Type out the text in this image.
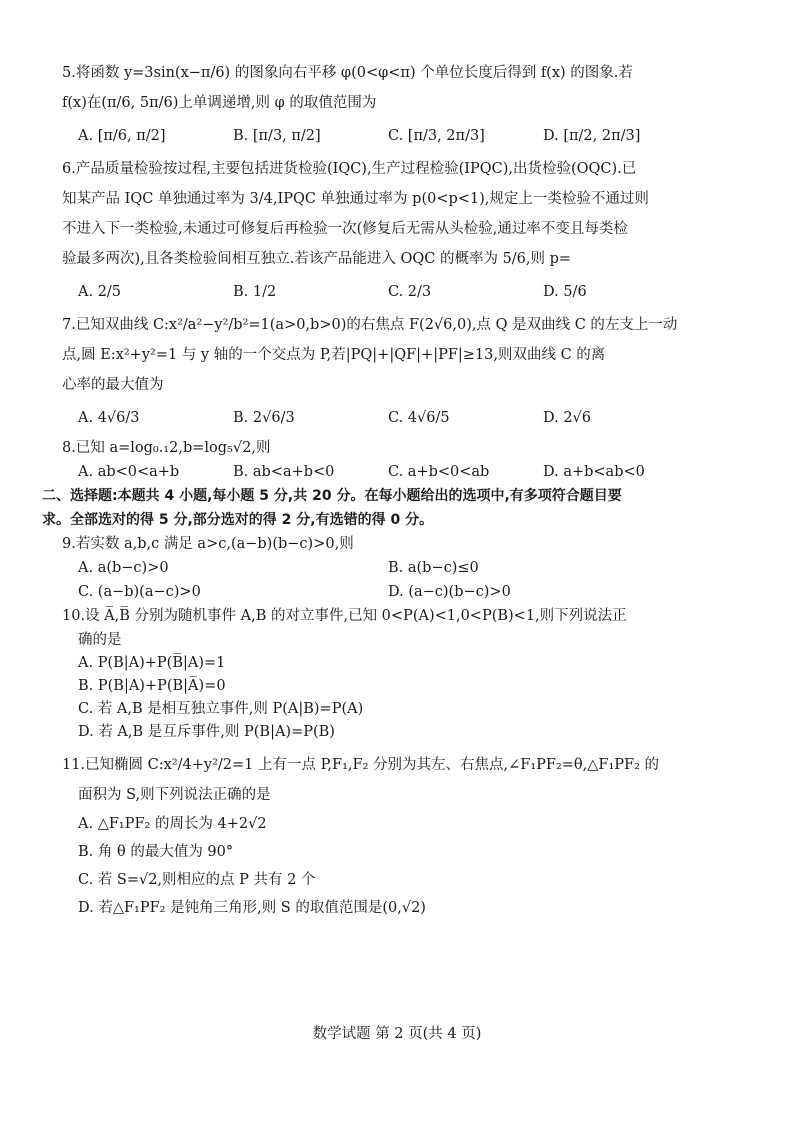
5.将函数 y=3sin(x−π/6) 的图象向右平移 φ(0<φ<π) 个单位长度后得到 f(x) 的图象.若
f(x)在(π/6, 5π/6)上单调递增,则 φ 的取值范围为
A. [π/6, π/2]	B. [π/3, π/2]	C. [π/3, 2π/3]	D. [π/2, 2π/3]
6.产品质量检验按过程,主要包括进货检验(IQC),生产过程检验(IPQC),出货检验(OQC).已
知某产品 IQC 单独通过率为 3/4,IPQC 单独通过率为 p(0<p<1),规定上一类检验不通过则
不进入下一类检验,未通过可修复后再检验一次(修复后无需从头检验,通过率不变且每类检
验最多两次),且各类检验间相互独立.若该产品能进入 OQC 的概率为 5/6,则 p=
A. 2/5	B. 1/2	C. 2/3	D. 5/6
7.已知双曲线 C:x²/a²−y²/b²=1(a>0,b>0)的右焦点 F(2√6,0),点 Q 是双曲线 C 的左支上一动
点,圆 E:x²+y²=1 与 y 轴的一个交点为 P,若|PQ|+|QF|+|PF|≥13,则双曲线 C 的离
心率的最大值为
A. 4√6/3	B. 2√6/3	C. 4√6/5	D. 2√6
8.已知 a=log₀.₁2,b=log₅√2,则
A. ab<0<a+b	B. ab<a+b<0	C. a+b<0<ab	D. a+b<ab<0
二、选择题:本题共 4 小题,每小题 5 分,共 20 分。在每小题给出的选项中,有多项符合题目要
求。全部选对的得 5 分,部分选对的得 2 分,有选错的得 0 分。
9.若实数 a,b,c 满足 a>c,(a−b)(b−c)>0,则
A. a(b−c)>0	B. a(b−c)≤0
C. (a−b)(a−c)>0	D. (a−c)(b−c)>0
10.设 A̅,B̅ 分别为随机事件 A,B 的对立事件,已知 0<P(A)<1,0<P(B)<1,则下列说法正
确的是
A. P(B|A)+P(B̅|A)=1
B. P(B|A)+P(B|A̅)=0
C. 若 A,B 是相互独立事件,则 P(A|B)=P(A)
D. 若 A,B 是互斥事件,则 P(B|A)=P(B)
11.已知椭圆 C:x²/4+y²/2=1 上有一点 P,F₁,F₂ 分别为其左、右焦点,∠F₁PF₂=θ,△F₁PF₂ 的
面积为 S,则下列说法正确的是
A. △F₁PF₂ 的周长为 4+2√2
B. 角 θ 的最大值为 90°
C. 若 S=√2,则相应的点 P 共有 2 个
D. 若△F₁PF₂ 是钝角三角形,则 S 的取值范围是(0,√2)
数学试题 第 2 页(共 4 页)
